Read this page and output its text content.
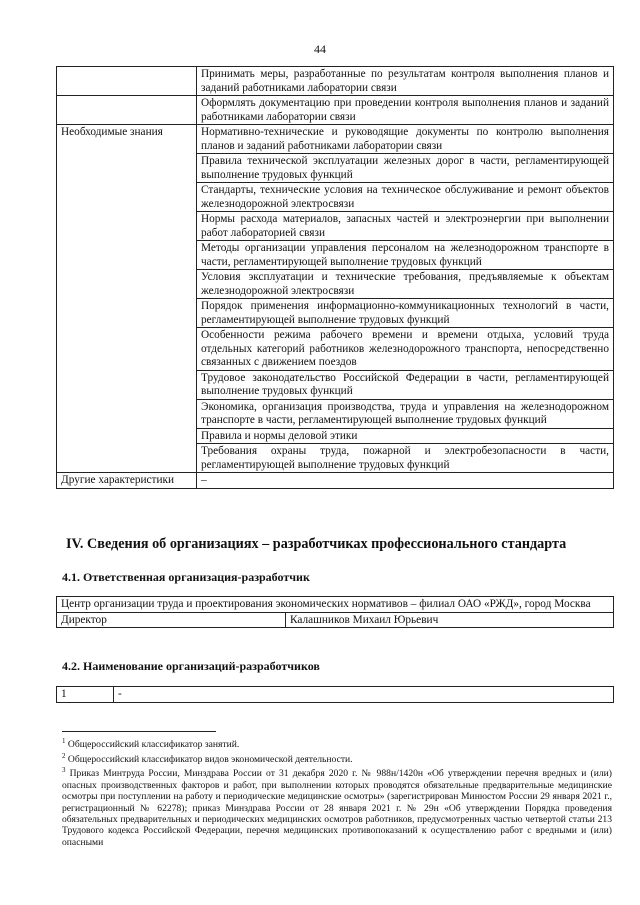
44
	Принимать меры, разработанные по результатам контроля выполнения планов и заданий работниками лаборатории связи
	Оформлять документацию при проведении контроля выполнения планов и заданий работниками лаборатории связи
Необходимые знания	Нормативно-технические и руководящие документы по контролю выполнения планов и заданий работниками лаборатории связи
	Правила технической эксплуатации железных дорог в части, регламентирующей выполнение трудовых функций
	Стандарты, технические условия на техническое обслуживание и ремонт объектов железнодорожной электросвязи
	Нормы расхода материалов, запасных частей и электроэнергии при выполнении работ лабораторией связи
	Методы организации управления персоналом на железнодорожном транспорте в части, регламентирующей выполнение трудовых функций
	Условия эксплуатации и технические требования, предъявляемые к объектам железнодорожной электросвязи
	Порядок применения информационно-коммуникационных технологий в части, регламентирующей выполнение трудовых функций
	Особенности режима рабочего времени и времени отдыха, условий труда отдельных категорий работников железнодорожного транспорта, непосредственно связанных с движением поездов
	Трудовое законодательство Российской Федерации в части, регламентирующей выполнение трудовых функций
	Экономика, организация производства, труда и управления на железнодорожном транспорте в части, регламентирующей выполнение трудовых функций
	Правила и нормы деловой этики
	Требования охраны труда, пожарной и электробезопасности в части, регламентирующей выполнение трудовых функций
Другие характеристики	–
IV. Сведения об организациях – разработчиках профессионального стандарта
4.1. Ответственная организация-разработчик
Центр организации труда и проектирования экономических нормативов – филиал ОАО «РЖД», город Москва
Директор	Калашников Михаил Юрьевич
4.2. Наименование организаций-разработчиков
1	-

$^1$ Общероссийский классификатор занятий.

$^2$ Общероссийский классификатор видов экономической деятельности.

$^3$ Приказ Минтруда России, Минздрава России от 31 декабря 2020 г. № 988н/1420н «Об утверждении перечня вредных и (или) опасных производственных факторов и работ, при выполнении которых проводятся обязательные предварительные медицинские осмотры при поступлении на работу и периодические медицинские осмотры» (зарегистрирован Минюстом России 29 января 2021 г., регистрационный № 62278); приказ Минздрава России от 28 января 2021 г. № 29н «Об утверждении Порядка проведения обязательных предварительных и периодических медицинских осмотров работников, предусмотренных частью четвертой статьи 213 Трудового кодекса Российской Федерации, перечня медицинских противопоказаний к осуществлению работ с вредными и (или) опасными
